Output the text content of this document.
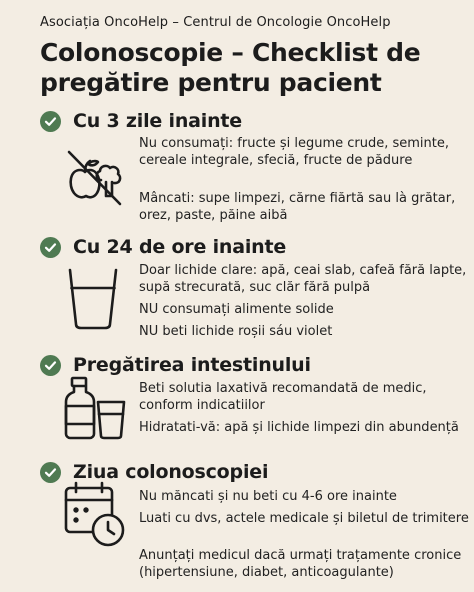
Asociația OncoHelp – Centrul de Oncologie OncoHelp
Colonoscopie – Checklist de pregătire pentru pacient
Cu 3 zile inainte
Nu consumați: fructe și legume crude, seminte, cereale integrale, sfeciă, fructe de pădure
Mâncati: supe limpezi, cărne fiărtă sau là grătar, orez, paste, păine aibă
Cu 24 de ore inainte
Doar lichide clare: apă, ceai slab, cafeă fără lapte, supă strecurată, suc clăr fără pulpă
NU consumați alimente solide
NU beti lichide roșii sáu violet
Pregătirea intestinului
Beti solutia laxativă recomandată de medic, conform indicatiilor
Hidratati-vă: apă și lichide limpezi din abundență
Ziua colonoscopiei
Nu măncati și nu beti cu 4-6 ore inainte
Luati cu dvs, actele medicale și biletul de trimitere
Anunțați medicul dacă urmați trațamente cronice (hipertensiune, diabet, anticoagulante)
